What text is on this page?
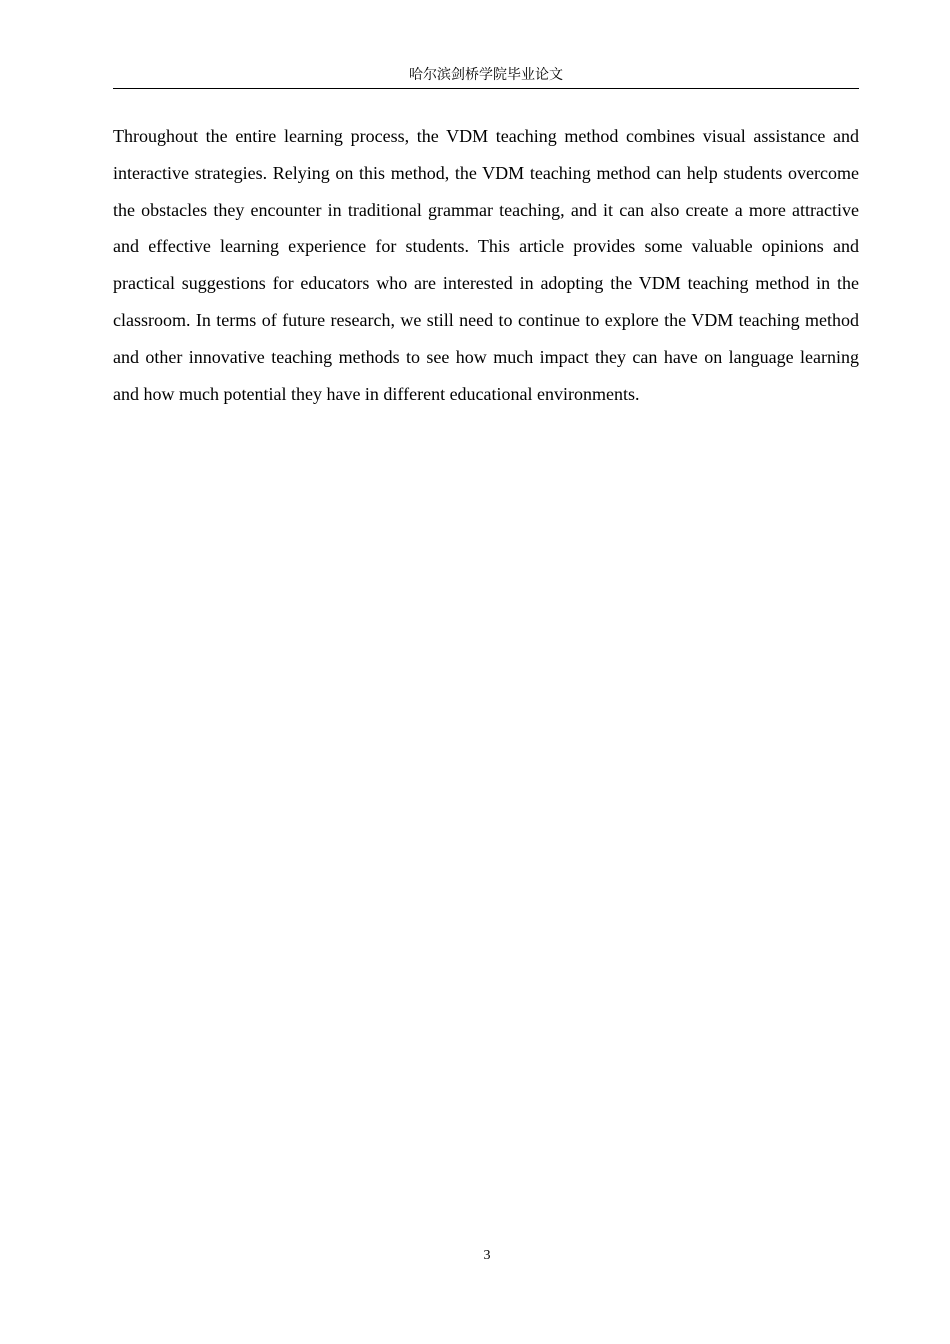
哈尔滨剑桥学院毕业论文

Throughout the entire learning process, the VDM teaching method combines visual assistance and interactive strategies. Relying on this method, the VDM teaching method can help students overcome the obstacles they encounter in traditional grammar teaching, and it can also create a more attractive and effective learning experience for students. This article provides some valuable opinions and practical suggestions for educators who are interested in adopting the VDM teaching method in the classroom. In terms of future research, we still need to continue to explore the VDM teaching method and other innovative teaching methods to see how much impact they can have on language learning and how much potential they have in different educational environments.

3
